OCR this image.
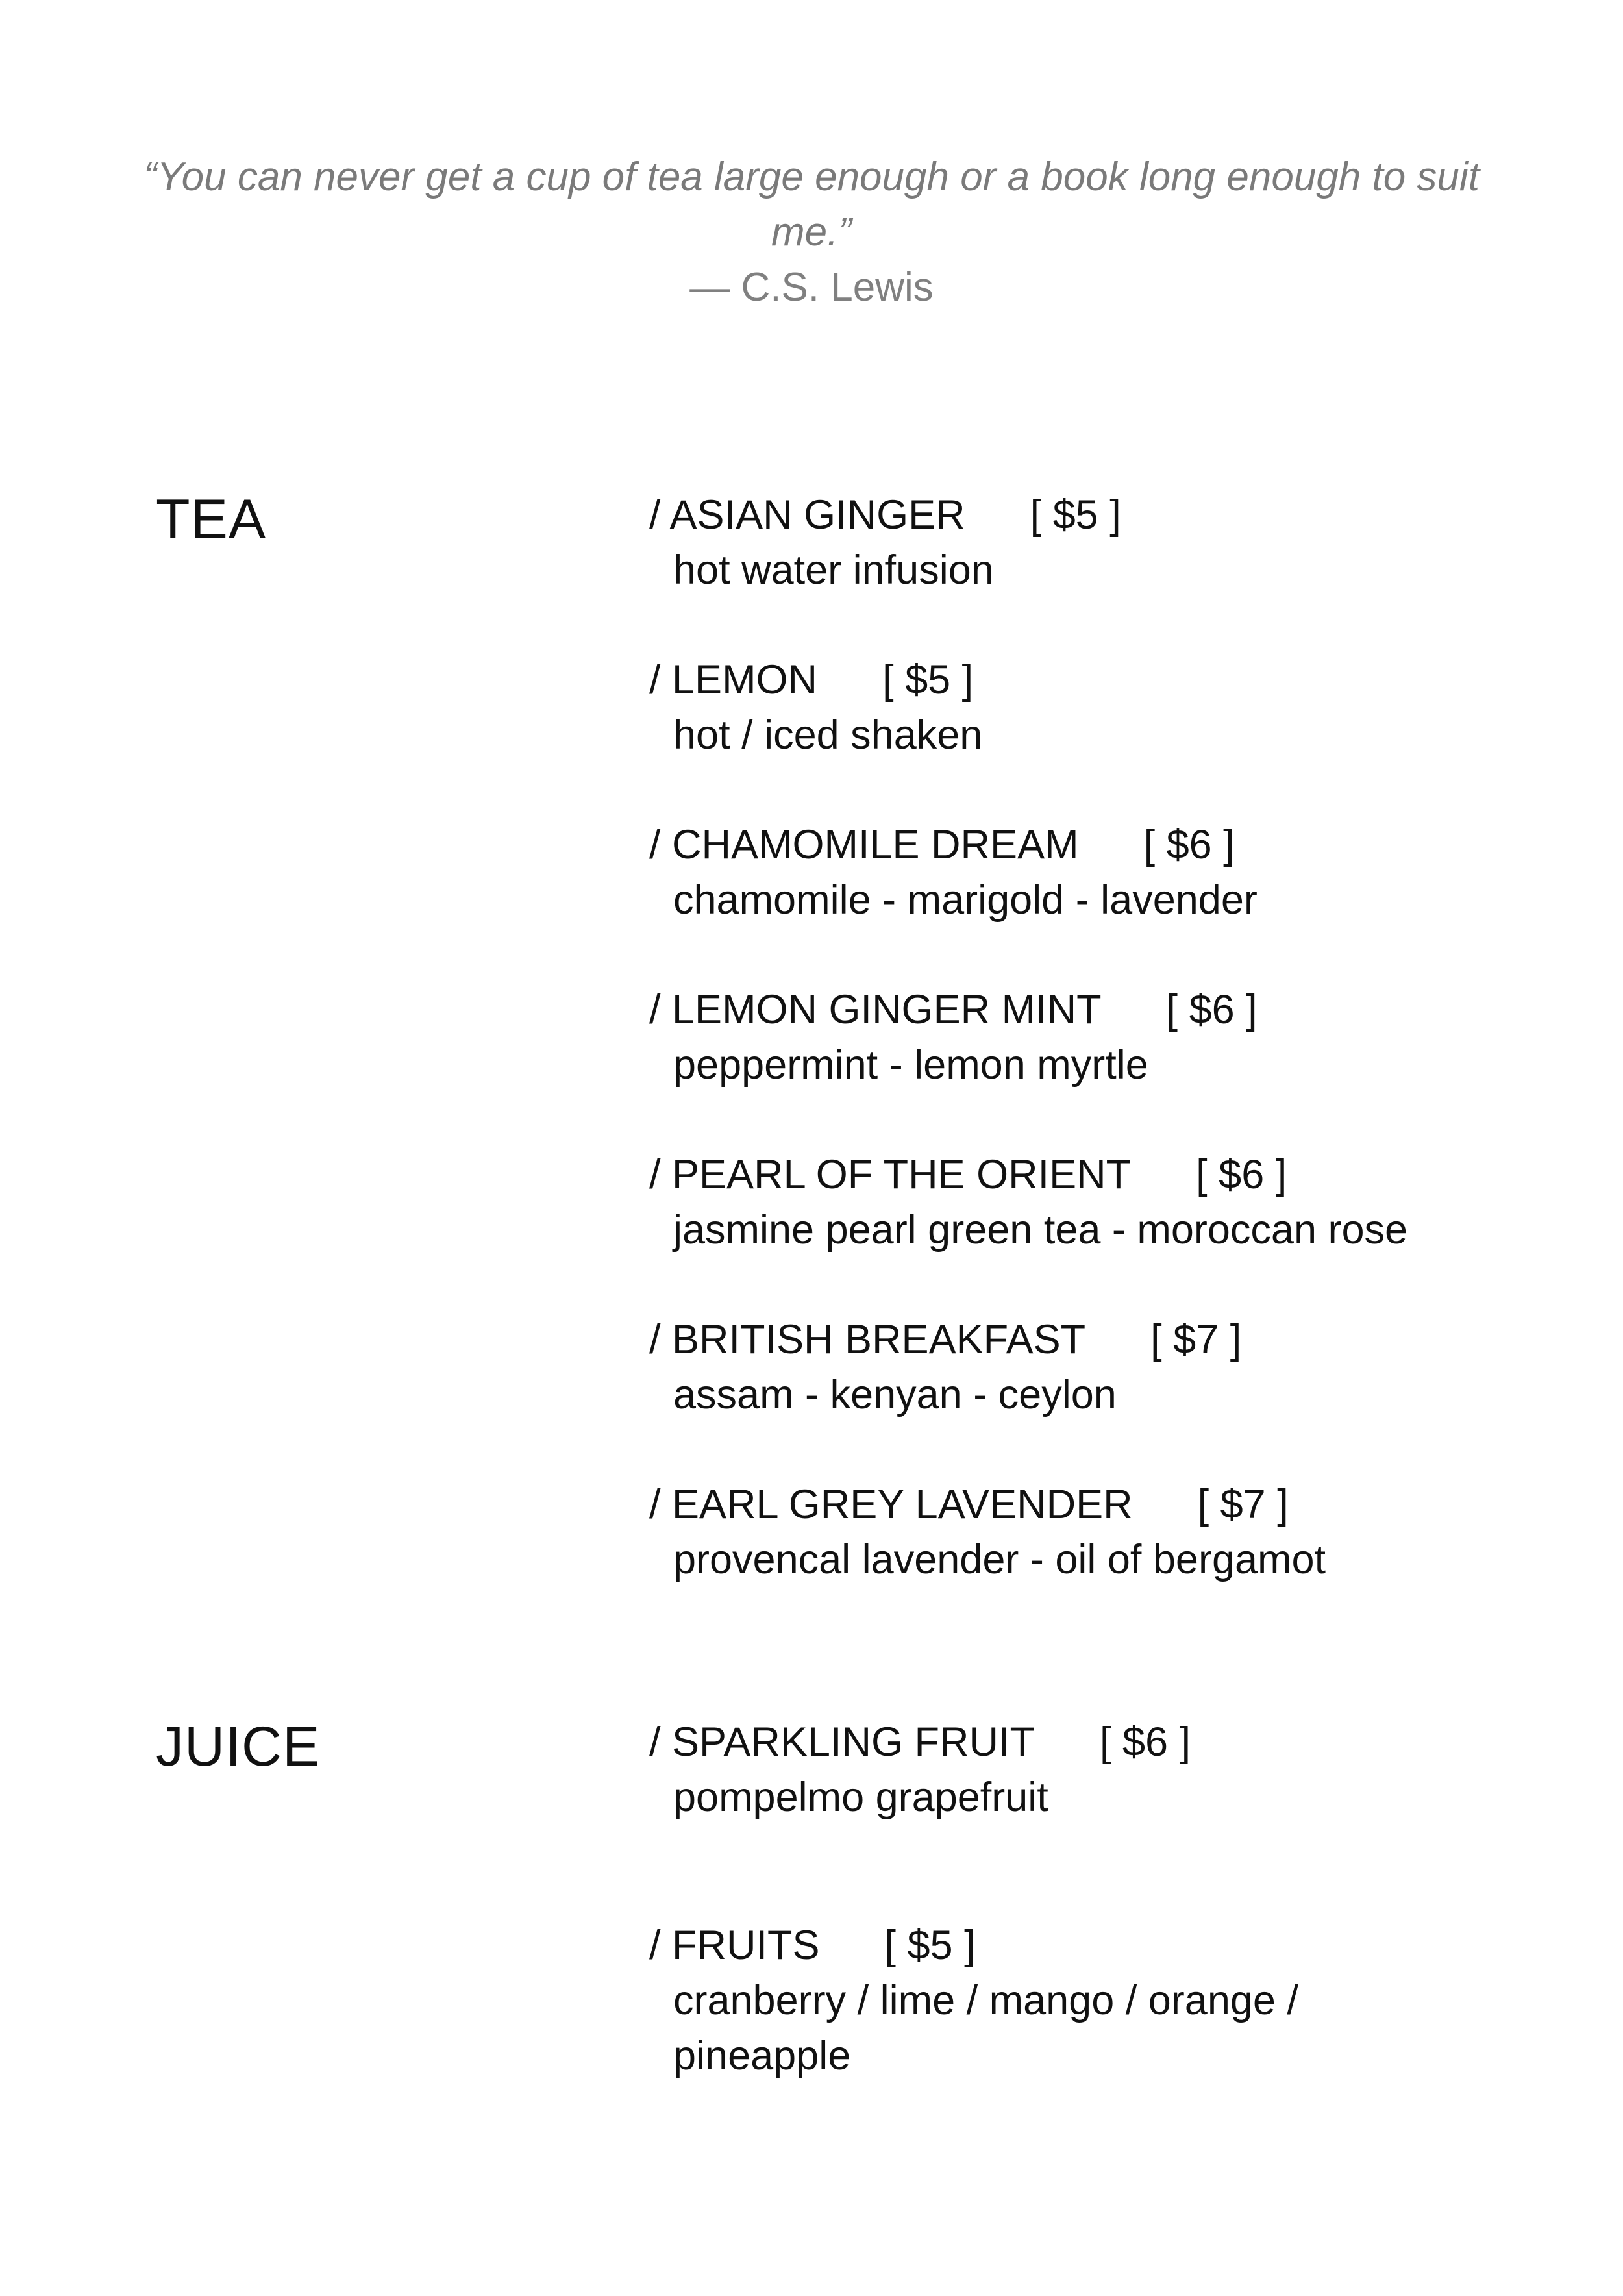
“You can never get a cup of tea large enough or a book long enough to suit me.”
— C.S. Lewis
TEA	/ ASIAN GINGER [ $5 ]
hot water infusion
/ LEMON [ $5 ]
hot / iced shaken
/ CHAMOMILE DREAM [ $6 ]
chamomile - marigold - lavender
/ LEMON GINGER MINT [ $6 ]
peppermint - lemon myrtle
/ PEARL OF THE ORIENT [ $6 ]
jasmine pearl green tea - moroccan rose
/ BRITISH BREAKFAST [ $7 ]
assam - kenyan - ceylon
/ EARL GREY LAVENDER [ $7 ]
provencal lavender - oil of bergamot
JUICE	/ SPARKLING FRUIT [ $6 ]
pompelmo grapefruit
/ FRUITS [ $5 ]
cranberry / lime / mango / orange / pineapple
